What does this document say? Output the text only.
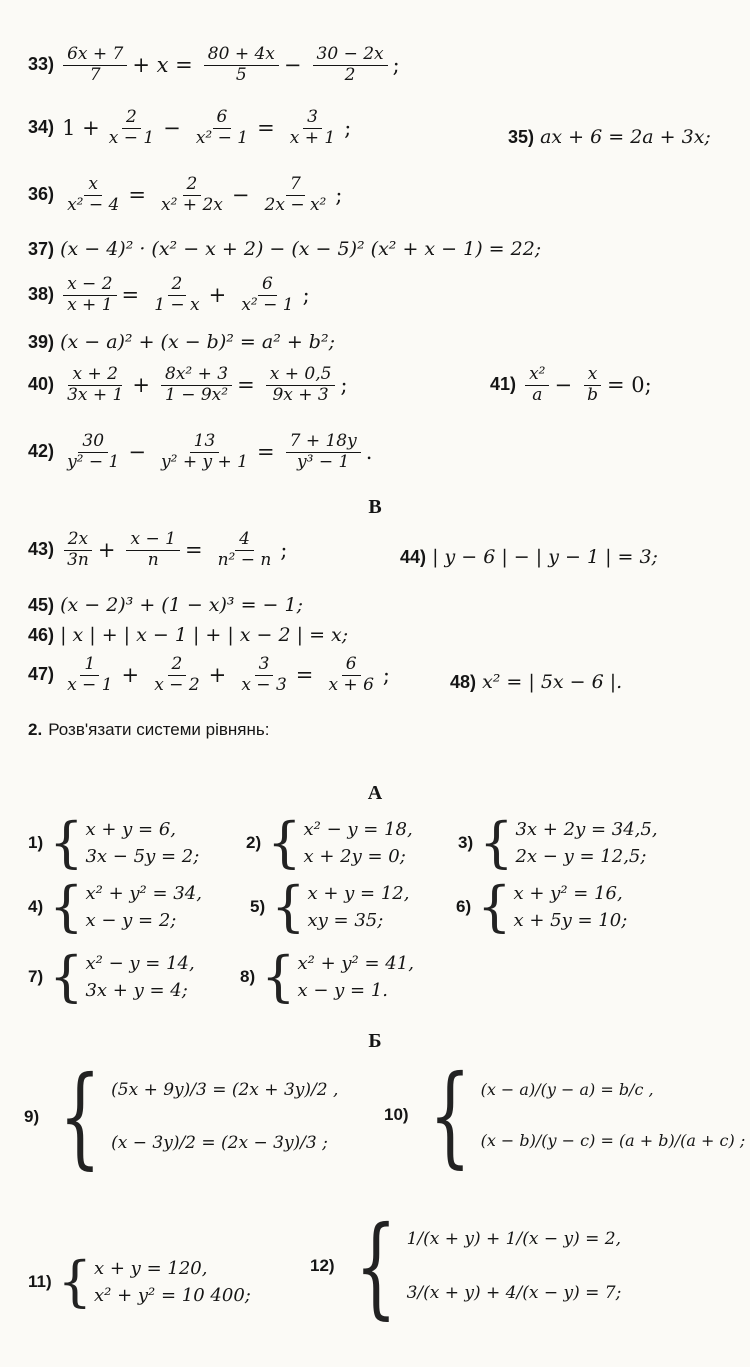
$33) \frac{6x + 7}{7} + x = \frac{80 + 4x}{5} - \frac{30 - 2x}{2}$ ;
34) $1 + \frac{2}{x - 1} - \frac{6}{\text{x² − 1}} = \frac{3}{x + 1}$ ;	35) ax + 6 = 2a + 3x;
$36) \frac{x}{\text{x² − 4}} = \frac{2}{\text{x² + 2x}} - \frac{7}{\text{2x − x²}}$ ;
37) (x − 4)² · (x² − x + 2) − (x − 5)² (x² + x − 1) = 22;
$38) \frac{x - 2}{x + 1} = \frac{2}{1 - x} + \frac{6}{\text{x² − 1}}$ ;
39) (x − a)² + (x − b)² = a² + b²;
$40) \frac{x + 2}{3x + 1} + \frac{\text{8x² + 3}}{\text{1 − 9x²}} = \frac{x + 0,5}{9x + 3}$ ;	$41) \frac{\text{x²}}{a} - \frac{x}{b} = 0$;
$42) \frac{30}{\text{y² − 1}} - \frac{13}{\text{y² + y + 1}} = \frac{7 + 18y}{\text{y³ − 1}}$ .
В
$43) \frac{2x}{3n} + \frac{x - 1}{n} = \frac{4}{\text{n² − n}}$ ;	44) | y − 6 | − | y − 1 | = 3;
45) (x − 2)³ + (1 − x)³ = − 1;
46) | x | + | x − 1 | + | x − 2 | = x;
$47) \frac{1}{x - 1} + \frac{2}{x - 2} + \frac{3}{x - 3} = \frac{6}{x + 6}$ ;	48) x² = | 5x − 6 |.
2. Розв'язати системи рівнянь:
А
1) { x + y = 6,
3x − 5y = 2;
2) { x² − y = 18,
x + 2y = 0;
3) { 3x + 2y = 34,5,
2x − y = 12,5;
4) { x² + y² = 34,
x − y = 2;
5) { x + y = 12,
xy = 35;
6) { x + y² = 16,
x + 5y = 10;
7) { x² − y = 14,
3x + y = 4;
8) { x² + y² = 41,
x − y = 1.
Б
9) { (5x + 9y)/3 = (2x + 3y)/2 ,
(x − 3y)/2 = (2x − 3y)/3 ;
10) { (x − a)/(y − a) = b/c ,
(x − b)/(y − c) = (a + b)/(a + c) ;
11) { x + y = 120,
x² + y² = 10 400;
12) { 1/(x + y) + 1/(x − y) = 2,
3/(x + y) + 4/(x − y) = 7;
